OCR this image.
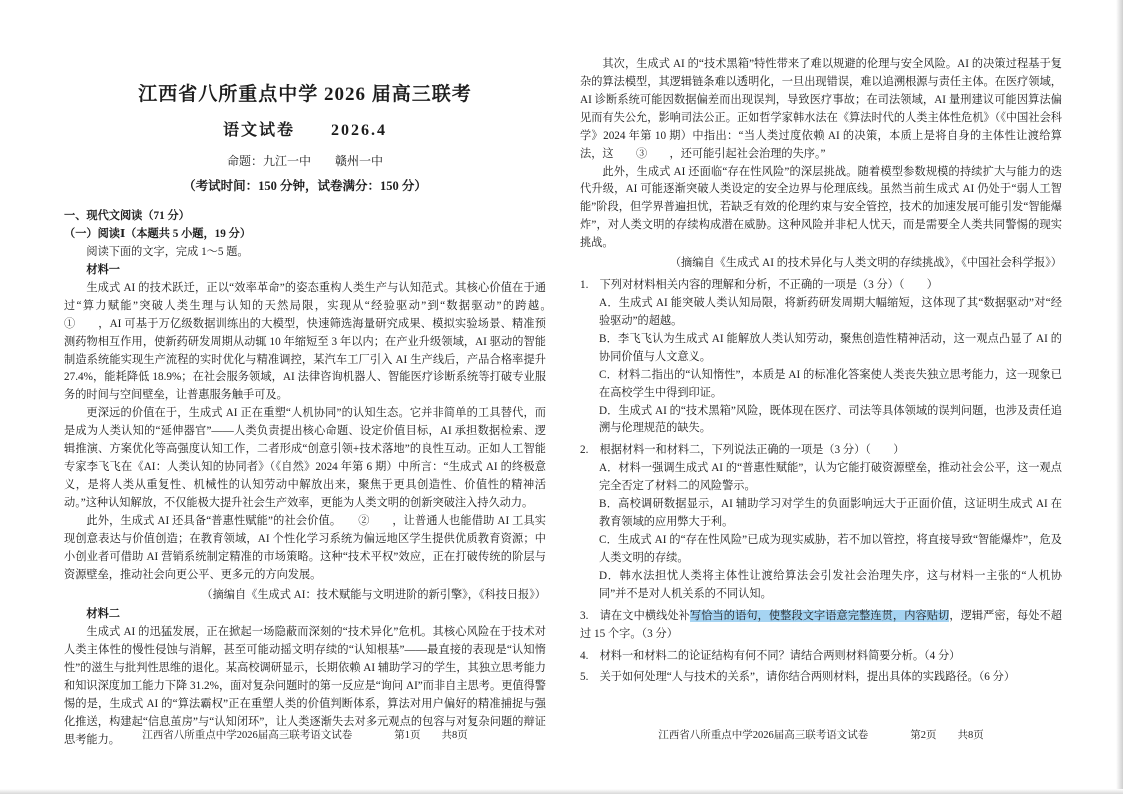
江西省八所重点中学 2026 届高三联考
语文试卷　　2026.4
命题：九江一中　　赣州一中
（考试时间：150 分钟，试卷满分：150 分）

一、现代文阅读（71 分）

（一）阅读Ⅰ（本题共 5 小题，19 分）

阅读下面的文字，完成 1～5 题。

材料一

生成式 AI 的技术跃迁，正以“效率革命”的姿态重构人类生产与认知范式。其核心价值在于通过“算力赋能”突破人类生理与认知的天然局限，实现从“经验驱动”到“数据驱动”的跨越。　　①　　，AI 可基于万亿级数据训练出的大模型，快速筛选海量研究成果、模拟实验场景、精准预测药物相互作用，使新药研发周期从动辄 10 年缩短至 3 年以内；在产业升级领域，AI 驱动的智能制造系统能实现生产流程的实时优化与精准调控，某汽车工厂引入 AI 生产线后，产品合格率提升 27.4%，能耗降低 18.9%；在社会服务领域，AI 法律咨询机器人、智能医疗诊断系统等打破专业服务的时间与空间壁垒，让普惠服务触手可及。

更深远的价值在于，生成式 AI 正在重塑“人机协同”的认知生态。它并非简单的工具替代，而是成为人类认知的“延伸器官”——人类负责提出核心命题、设定价值目标，AI 承担数据检索、逻辑推演、方案优化等高强度认知工作，二者形成“创意引领+技术落地”的良性互动。正如人工智能专家李飞飞在《AI：人类认知的协同者》（《自然》2024 年第 6 期）中所言：“生成式 AI 的终极意义，是将人类从重复性、机械性的认知劳动中解放出来，聚焦于更具创造性、价值性的精神活动。”这种认知解放，不仅能极大提升社会生产效率，更能为人类文明的创新突破注入持久动力。

此外，生成式 AI 还具备“普惠性赋能”的社会价值。　　②　　，让普通人也能借助 AI 工具实现创意表达与价值创造；在教育领域，AI 个性化学习系统为偏远地区学生提供优质教育资源；中小创业者可借助 AI 营销系统制定精准的市场策略。这种“技术平权”效应，正在打破传统的阶层与资源壁垒，推动社会向更公平、更多元的方向发展。

（摘编自《生成式 AI：技术赋能与文明进阶的新引擎》，《科技日报》）

材料二

生成式 AI 的迅猛发展，正在掀起一场隐蔽而深刻的“技术异化”危机。其核心风险在于技术对人类主体性的慢性侵蚀与消解，甚至可能动摇文明存续的“认知根基”——最直接的表现是“认知惰性”的滋生与批判性思维的退化。某高校调研显示，长期依赖 AI 辅助学习的学生，其独立思考能力和知识深度加工能力下降 31.2%，面对复杂问题时的第一反应是“询问 AI”而非自主思考。更值得警惕的是，生成式 AI 的“算法霸权”正在重塑人类的价值判断体系，算法对用户偏好的精准捕捉与强化推送，构建起“信息茧房”与“认知闭环”，让人类逐渐失去对多元观点的包容与对复杂问题的辩证思考能力。

其次，生成式 AI 的“技术黑箱”特性带来了难以规避的伦理与安全风险。AI 的决策过程基于复杂的算法模型，其逻辑链条难以透明化，一旦出现错误，难以追溯根源与责任主体。在医疗领域，AI 诊断系统可能因数据偏差而出现误判，导致医疗事故；在司法领域，AI 量刑建议可能因算法偏见而有失公允，影响司法公正。正如哲学家韩水法在《算法时代的人类主体性危机》（《中国社会科学》2024 年第 10 期）中指出：“当人类过度依赖 AI 的决策，本质上是将自身的主体性让渡给算法，这　　③　　，还可能引起社会治理的失序。”

此外，生成式 AI 还面临“存在性风险”的深层挑战。随着模型参数规模的持续扩大与能力的迭代升级，AI 可能逐渐突破人类设定的安全边界与伦理底线。虽然当前生成式 AI 仍处于“弱人工智能”阶段，但学界普遍担忧，若缺乏有效的伦理约束与安全管控，技术的加速发展可能引发“智能爆炸”，对人类文明的存续构成潜在威胁。这种风险并非杞人忧天，而是需要全人类共同警惕的现实挑战。

（摘编自《生成式 AI 的技术异化与人类文明的存续挑战》，《中国社会科学报》）

1.　下列对材料相关内容的理解和分析，不正确的一项是（3 分）（　　）

A．生成式 AI 能突破人类认知局限，将新药研发周期大幅缩短，这体现了其“数据驱动”对“经验驱动”的超越。

B．李飞飞认为生成式 AI 能解放人类认知劳动，聚焦创造性精神活动，这一观点凸显了 AI 的协同价值与人文意义。

C．材料二指出的“认知惰性”，本质是 AI 的标准化答案使人类丧失独立思考能力，这一现象已在高校学生中得到印证。

D．生成式 AI 的“技术黑箱”风险，既体现在医疗、司法等具体领域的误判问题，也涉及责任追溯与伦理规范的缺失。

2.　根据材料一和材料二，下列说法正确的一项是（3 分）（　　）

A．材料一强调生成式 AI 的“普惠性赋能”，认为它能打破资源壁垒，推动社会公平，这一观点完全否定了材料二的风险警示。

B．高校调研数据显示，AI 辅助学习对学生的负面影响远大于正面价值，这证明生成式 AI 在教育领域的应用弊大于利。

C．生成式 AI 的“存在性风险”已成为现实威胁，若不加以管控，将直接导致“智能爆炸”，危及人类文明的存续。

D．韩水法担忧人类将主体性让渡给算法会引发社会治理失序，这与材料一主张的“人机协同”并不是对人机关系的不同认知。

3.　请在文中横线处补写恰当的语句，使整段文字语意完整连贯，内容贴切，逻辑严密，每处不超过 15 个字。（3 分）

4.　材料一和材料二的论证结构有何不同？请结合两则材料简要分析。（4 分）

5.　关于如何处理“人与技术的关系”，请你结合两则材料，提出具体的实践路径。（6 分）

江西省八所重点中学2026届高三联考语文试卷　　　　第1页　　共8页	江西省八所重点中学2026届高三联考语文试卷　　　　第2页　　共8页
